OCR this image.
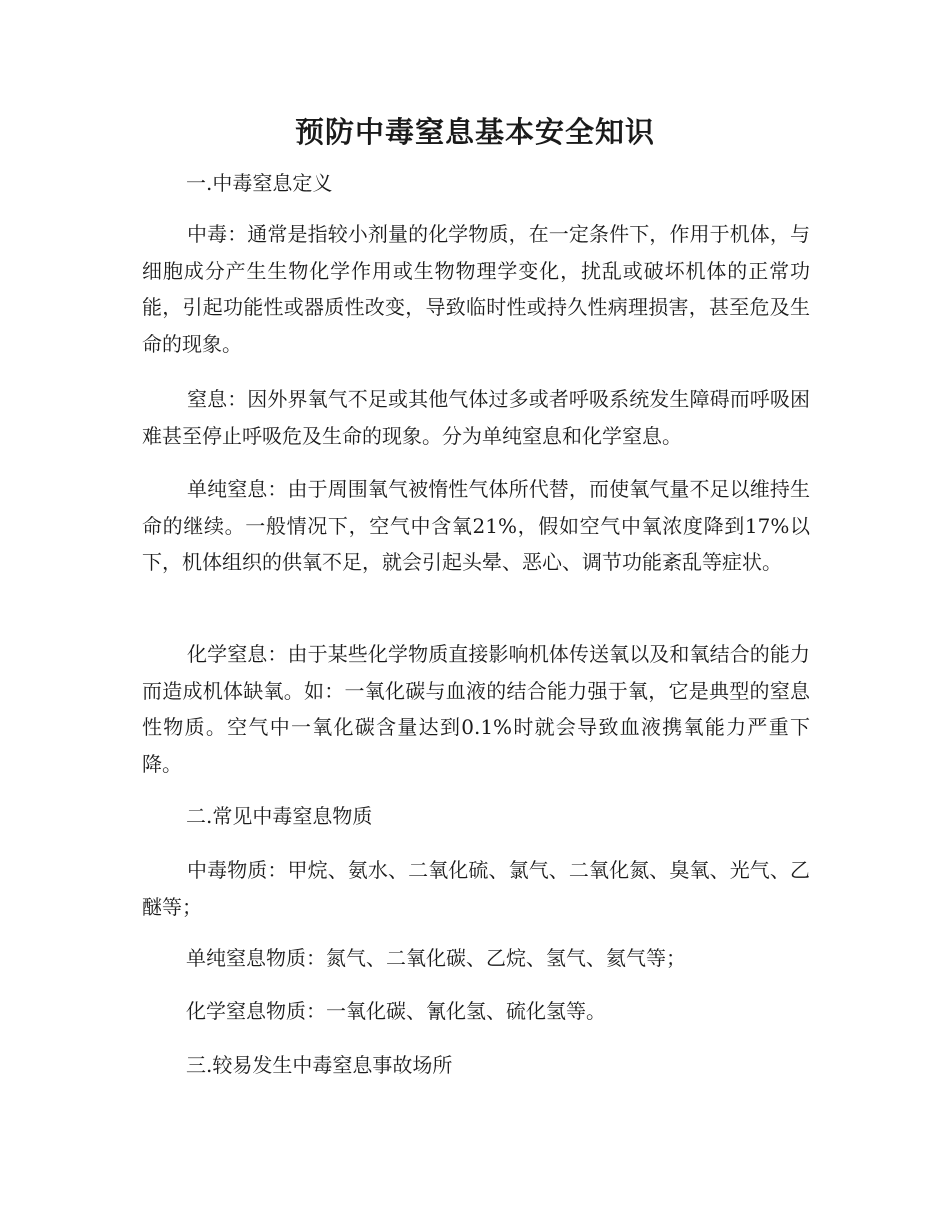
预防中毒窒息基本安全知识

一.中毒窒息定义

中毒：通常是指较小剂量的化学物质，在一定条件下，作用于机体，与细胞成分产生生物化学作用或生物物理学变化，扰乱或破坏机体的正常功能，引起功能性或器质性改变，导致临时性或持久性病理损害，甚至危及生命的现象。

窒息：因外界氧气不足或其他气体过多或者呼吸系统发生障碍而呼吸困难甚至停止呼吸危及生命的现象。分为单纯窒息和化学窒息。

单纯窒息：由于周围氧气被惰性气体所代替，而使氧气量不足以维持生命的继续。一般情况下，空气中含氧21%，假如空气中氧浓度降到17%以下，机体组织的供氧不足，就会引起头晕、恶心、调节功能紊乱等症状。

化学窒息：由于某些化学物质直接影响机体传送氧以及和氧结合的能力而造成机体缺氧。如：一氧化碳与血液的结合能力强于氧，它是典型的窒息性物质。空气中一氧化碳含量达到0.1%时就会导致血液携氧能力严重下降。

二.常见中毒窒息物质

中毒物质：甲烷、氨水、二氧化硫、氯气、二氧化氮、臭氧、光气、乙醚等；

单纯窒息物质：氮气、二氧化碳、乙烷、氢气、氦气等；

化学窒息物质：一氧化碳、氰化氢、硫化氢等。

三.较易发生中毒窒息事故场所
